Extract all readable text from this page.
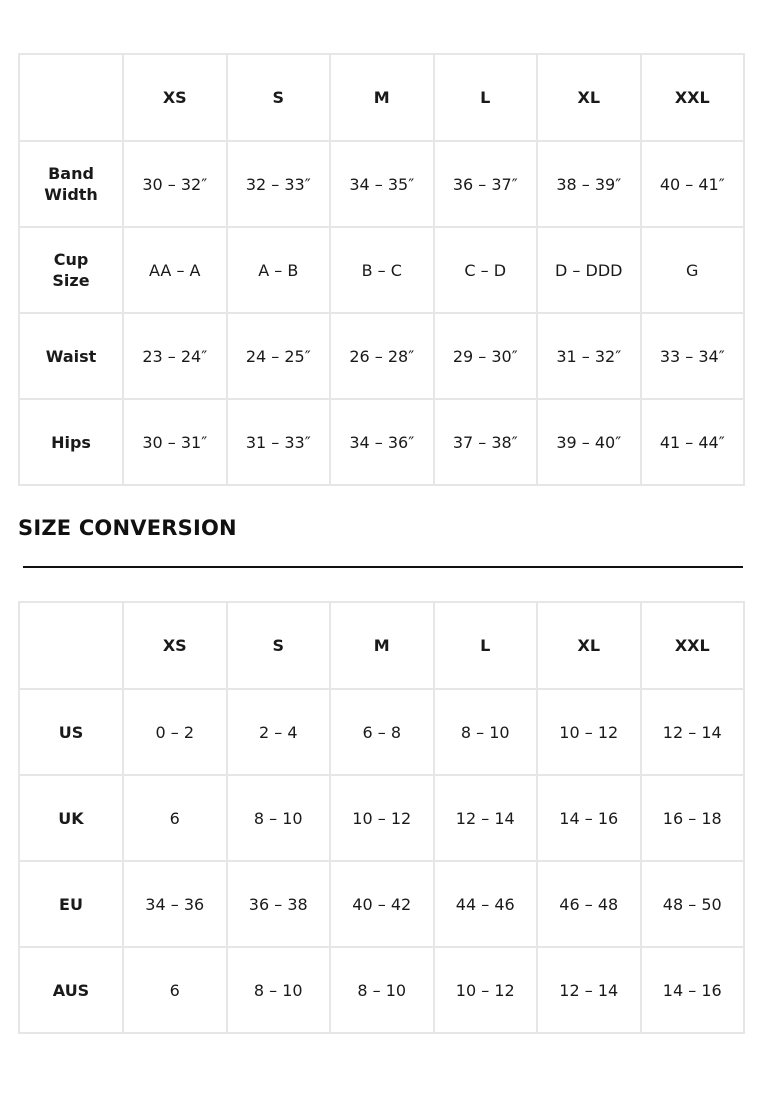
	XS	S	M	L	XL	XXL
Band
Width	30 – 32″	32 – 33″	34 – 35″	36 – 37″	38 – 39″	40 – 41″
Cup
Size	AA – A	A – B	B – C	C – D	D – DDD	G
Waist	23 – 24″	24 – 25″	26 – 28″	29 – 30″	31 – 32″	33 – 34″
Hips	30 – 31″	31 – 33″	34 – 36″	37 – 38″	39 – 40″	41 – 44″
SIZE CONVERSION
	XS	S	M	L	XL	XXL
US	0 – 2	2 – 4	6 – 8	8 – 10	10 – 12	12 – 14
UK	6	8 – 10	10 – 12	12 – 14	14 – 16	16 – 18
EU	34 – 36	36 – 38	40 – 42	44 – 46	46 – 48	48 – 50
AUS	6	8 – 10	8 – 10	10 – 12	12 – 14	14 – 16
